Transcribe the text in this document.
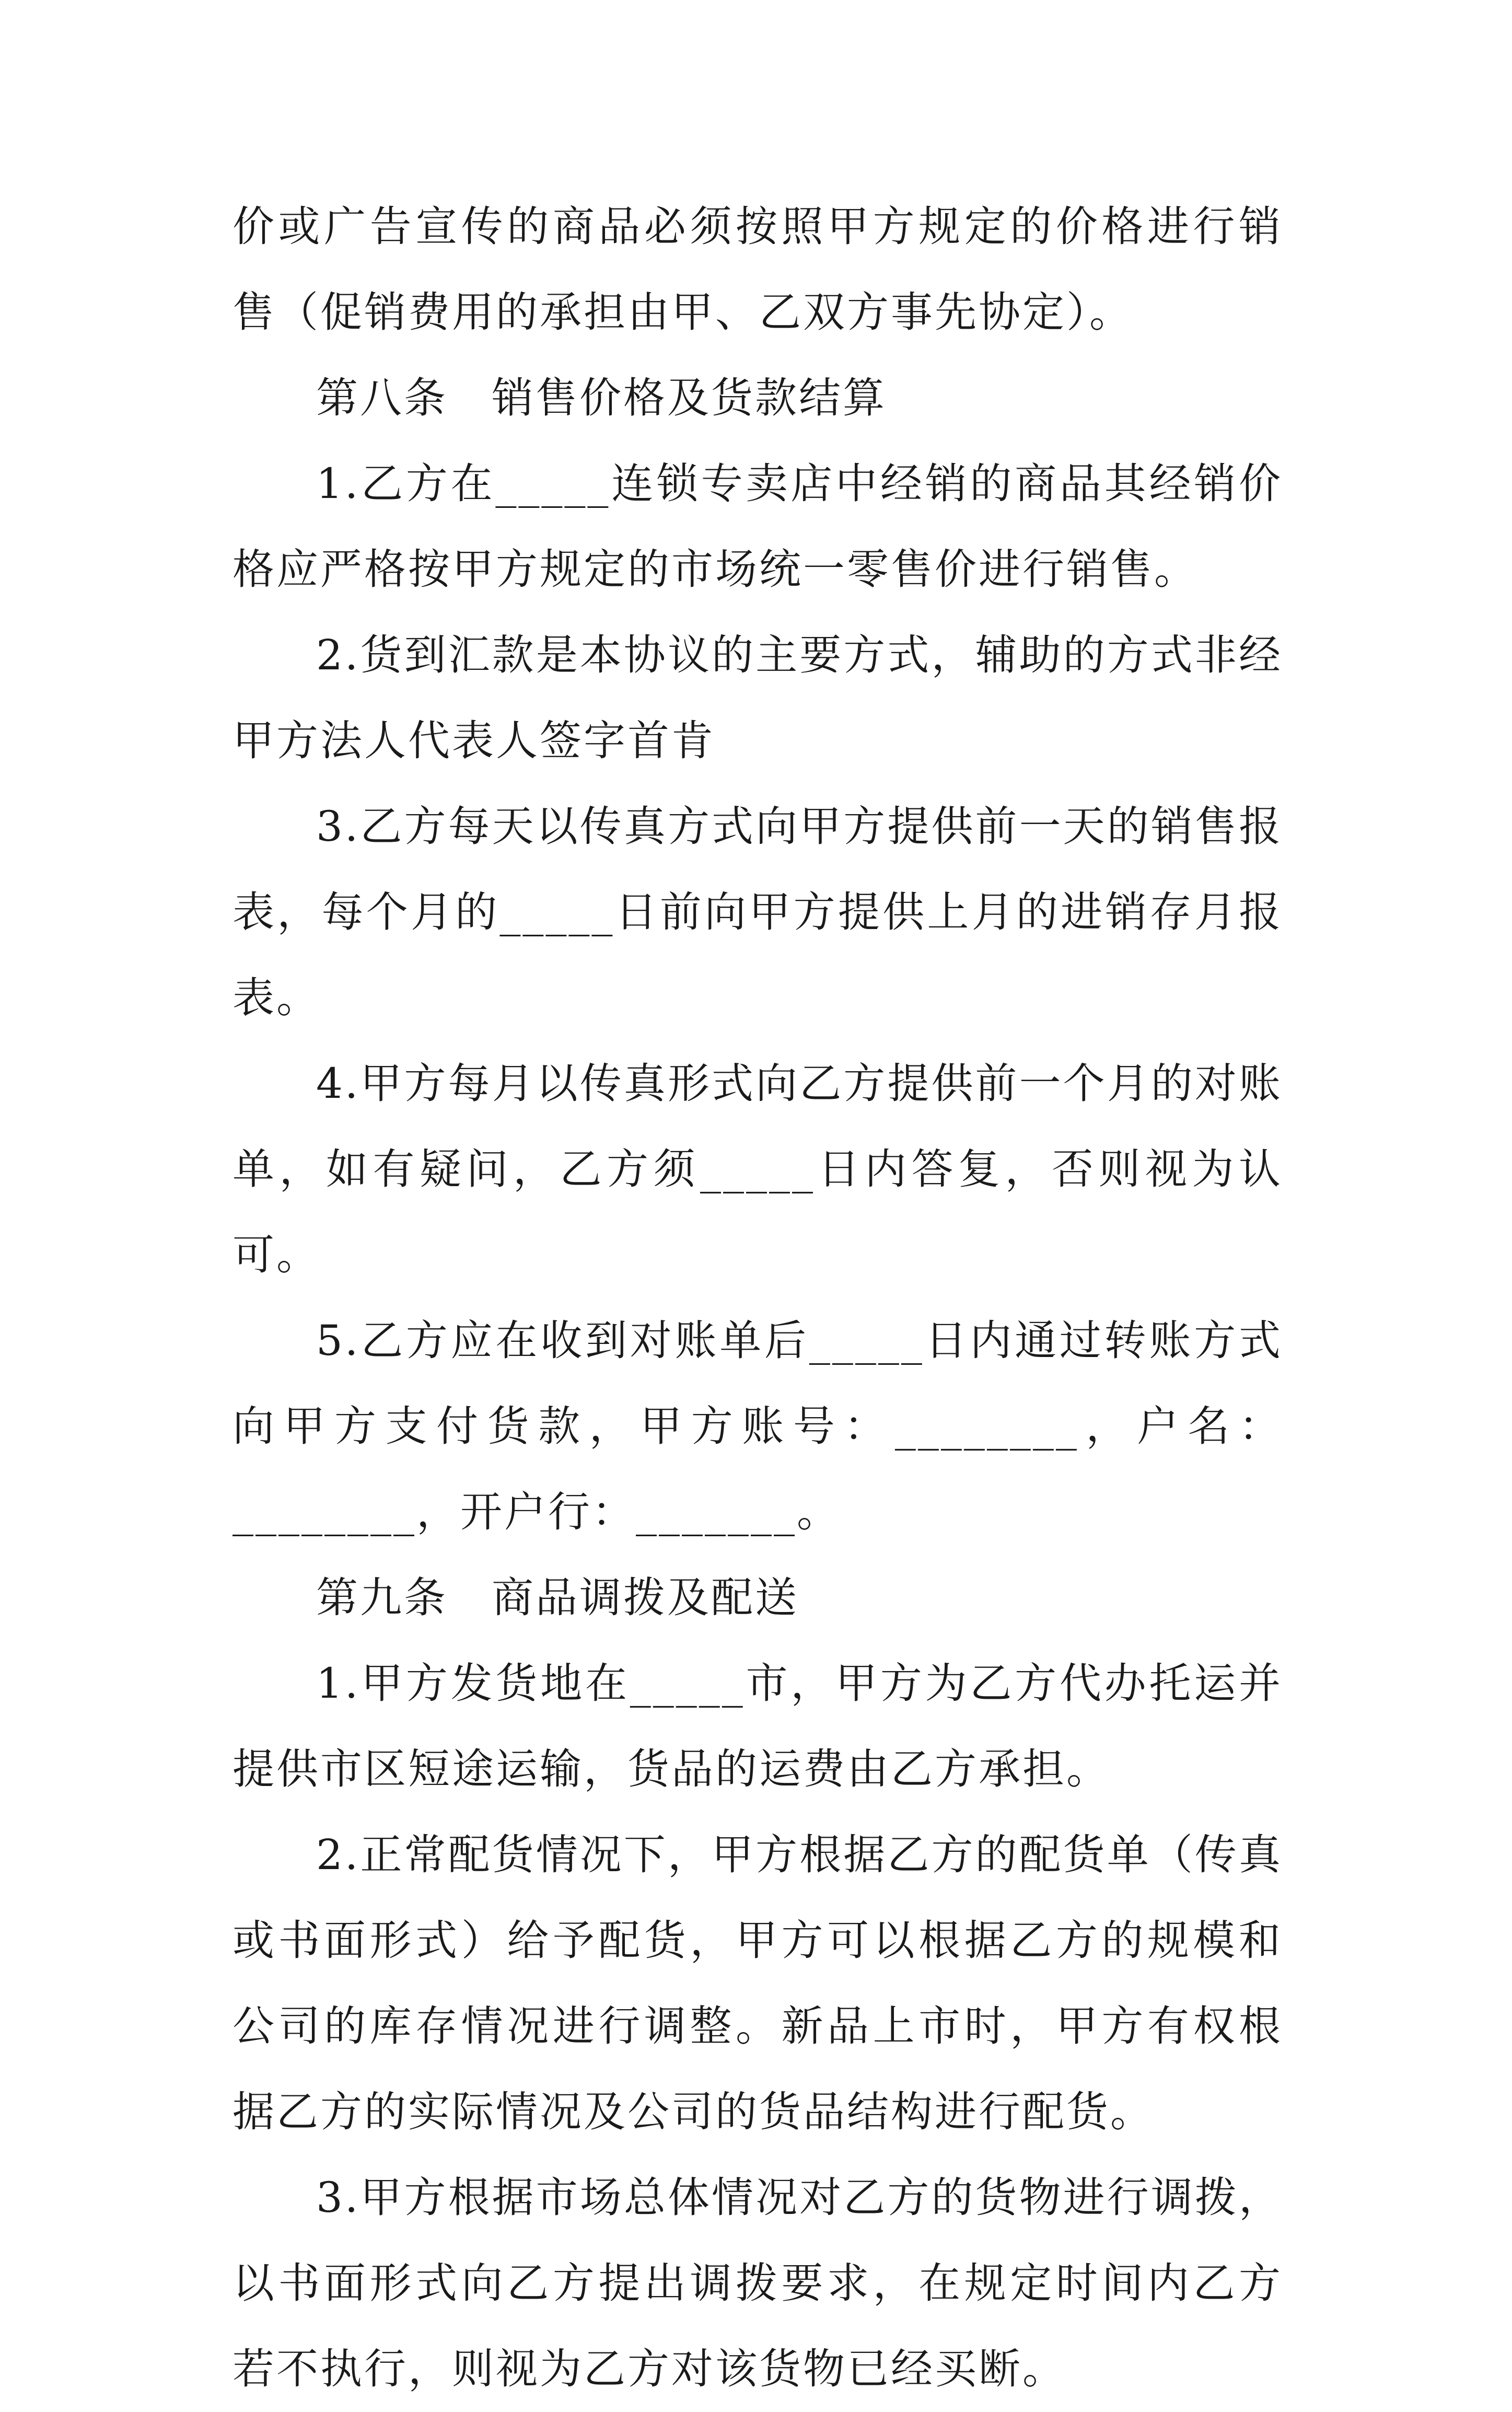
价或广告宣传的商品必须按照甲方规定的价格进行销售（促销费用的承担由甲、乙双方事先协定）。

第八条　销售价格及货款结算

1.乙方在_____连锁专卖店中经销的商品其经销价格应严格按甲方规定的市场统一零售价进行销售。

2.货到汇款是本协议的主要方式，辅助的方式非经甲方法人代表人签字首肯

3.乙方每天以传真方式向甲方提供前一天的销售报表，每个月的_____日前向甲方提供上月的进销存月报表。

4.甲方每月以传真形式向乙方提供前一个月的对账单，如有疑问，乙方须_____日内答复，否则视为认可。

5.乙方应在收到对账单后_____日内通过转账方式向甲方支付货款，甲方账号：________，户名：________，开户行：_______。

第九条　商品调拨及配送

1.甲方发货地在_____市，甲方为乙方代办托运并提供市区短途运输，货品的运费由乙方承担。

2.正常配货情况下，甲方根据乙方的配货单（传真或书面形式）给予配货，甲方可以根据乙方的规模和公司的库存情况进行调整。新品上市时，甲方有权根据乙方的实际情况及公司的货品结构进行配货。

3.甲方根据市场总体情况对乙方的货物进行调拨，以书面形式向乙方提出调拨要求，在规定时间内乙方若不执行，则视为乙方对该货物已经买断。
